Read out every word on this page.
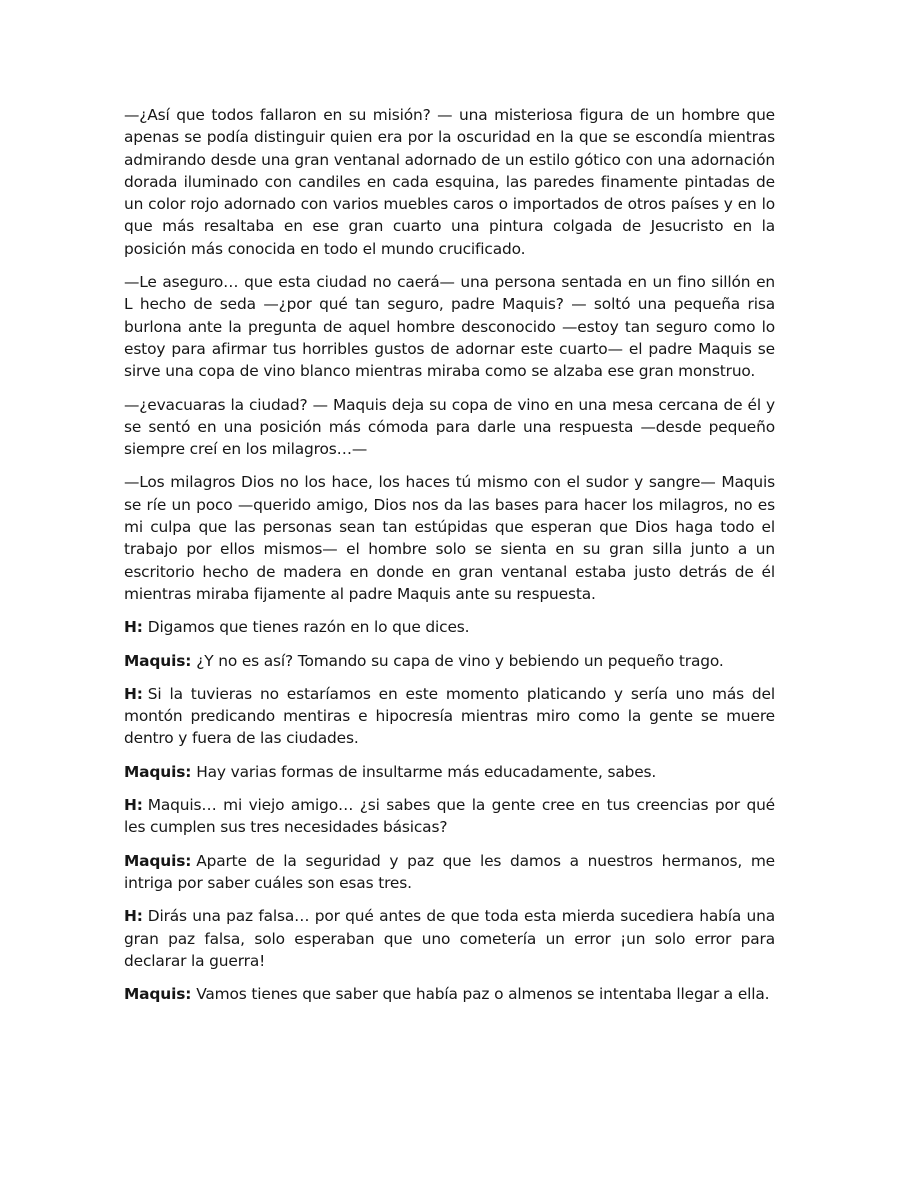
—¿Así que todos fallaron en su misión? — una misteriosa figura de un hombre que apenas se podía distinguir quien era por la oscuridad en la que se escondía mientras admirando desde una gran ventanal adornado de un estilo gótico con una adornación dorada iluminado con candiles en cada esquina, las paredes finamente pintadas de un color rojo adornado con varios muebles caros o importados de otros países y en lo que más resaltaba en ese gran cuarto una pintura colgada de Jesucristo en la posición más conocida en todo el mundo crucificado.

—Le aseguro… que esta ciudad no caerá— una persona sentada en un fino sillón en L hecho de seda —¿por qué tan seguro, padre Maquis? — soltó una pequeña risa burlona ante la pregunta de aquel hombre desconocido —estoy tan seguro como lo estoy para afirmar tus horribles gustos de adornar este cuarto— el padre Maquis se sirve una copa de vino blanco mientras miraba como se alzaba ese gran monstruo.

—¿evacuaras la ciudad? — Maquis deja su copa de vino en una mesa cercana de él y se sentó en una posición más cómoda para darle una respuesta —desde pequeño siempre creí en los milagros…—

—Los milagros Dios no los hace, los haces tú mismo con el sudor y sangre— Maquis se ríe un poco —querido amigo, Dios nos da las bases para hacer los milagros, no es mi culpa que las personas sean tan estúpidas que esperan que Dios haga todo el trabajo por ellos mismos— el hombre solo se sienta en su gran silla junto a un escritorio hecho de madera en donde en gran ventanal estaba justo detrás de él mientras miraba fijamente al padre Maquis ante su respuesta.

H: Digamos que tienes razón en lo que dices.

Maquis: ¿Y no es así? Tomando su capa de vino y bebiendo un pequeño trago.

H: Si la tuvieras no estaríamos en este momento platicando y sería uno más del montón predicando mentiras e hipocresía mientras miro como la gente se muere dentro y fuera de las ciudades.

Maquis: Hay varias formas de insultarme más educadamente, sabes.

H: Maquis… mi viejo amigo… ¿si sabes que la gente cree en tus creencias por qué les cumplen sus tres necesidades básicas?

Maquis: Aparte de la seguridad y paz que les damos a nuestros hermanos, me intriga por saber cuáles son esas tres.

H: Dirás una paz falsa… por qué antes de que toda esta mierda sucediera había una gran paz falsa, solo esperaban que uno cometería un error ¡un solo error para declarar la guerra!

Maquis: Vamos tienes que saber que había paz o almenos se intentaba llegar a ella.
